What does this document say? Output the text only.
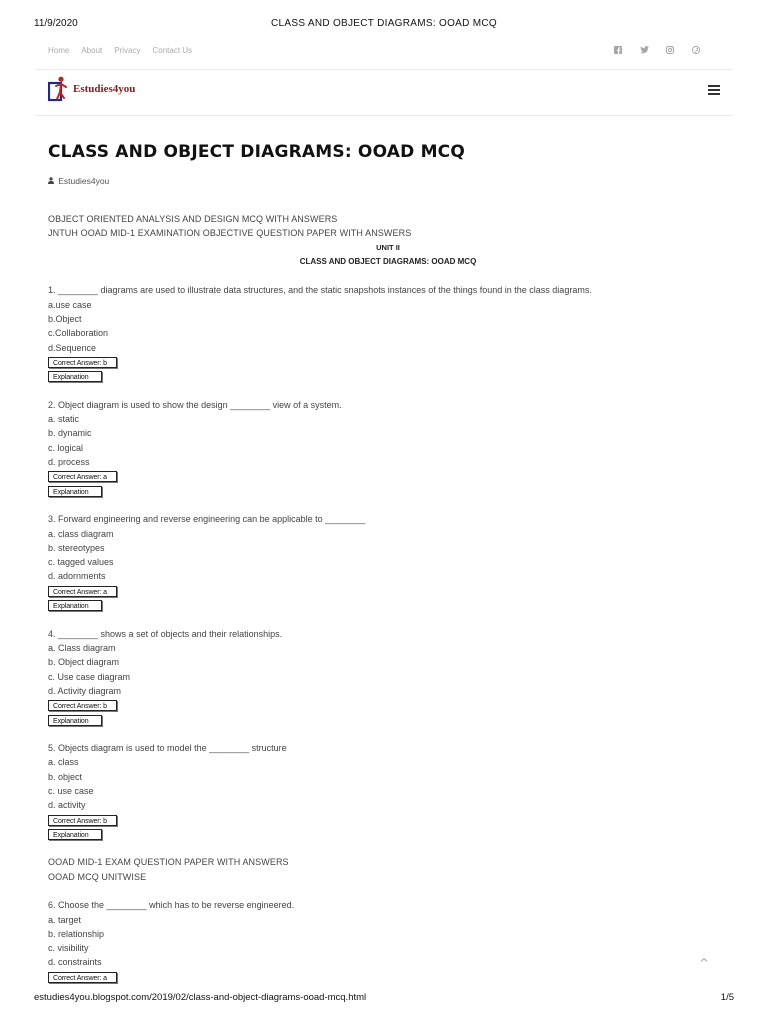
11/9/2020	CLASS AND OBJECT DIAGRAMS: OOAD MCQ
Home About Privacy Contact Us
Estudies4you
CLASS AND OBJECT DIAGRAMS: OOAD MCQ
Estudies4you
OBJECT ORIENTED ANALYSIS AND DESIGN MCQ WITH ANSWERS
JNTUH OOAD MID-1 EXAMINATION OBJECTIVE QUESTION PAPER WITH ANSWERS
UNIT II
CLASS AND OBJECT DIAGRAMS: OOAD MCQ
1. ________ diagrams are used to illustrate data structures, and the static snapshots instances of the things found in the class diagrams.
a.use case
b.Object
c.Collaboration
d.Sequence
Correct Answer: b
Explanation
2. Object diagram is used to show the design ________ view of a system.
a. static
b. dynamic
c. logical
d. process
Correct Answer: a
Explanation
3. Forward engineering and reverse engineering can be applicable to ________
a. class diagram
b. stereotypes
c. tagged values
d. adornments
Correct Answer: a
Explanation
4. ________ shows a set of objects and their relationships.
a. Class diagram
b. Object diagram
c. Use case diagram
d. Activity diagram
Correct Answer: b
Explanation
5. Objects diagram is used to model the ________ structure
a. class
b. object
c. use case
d. activity
Correct Answer: b
Explanation
OOAD MID-1 EXAM QUESTION PAPER WITH ANSWERS
OOAD MCQ UNITWISE
6. Choose the ________ which has to be reverse engineered.
a. target
b. relationship
c. visibility
d. constraints
Correct Answer: a
estudies4you.blogspot.com/2019/02/class-and-object-diagrams-ooad-mcq.html	1/5
